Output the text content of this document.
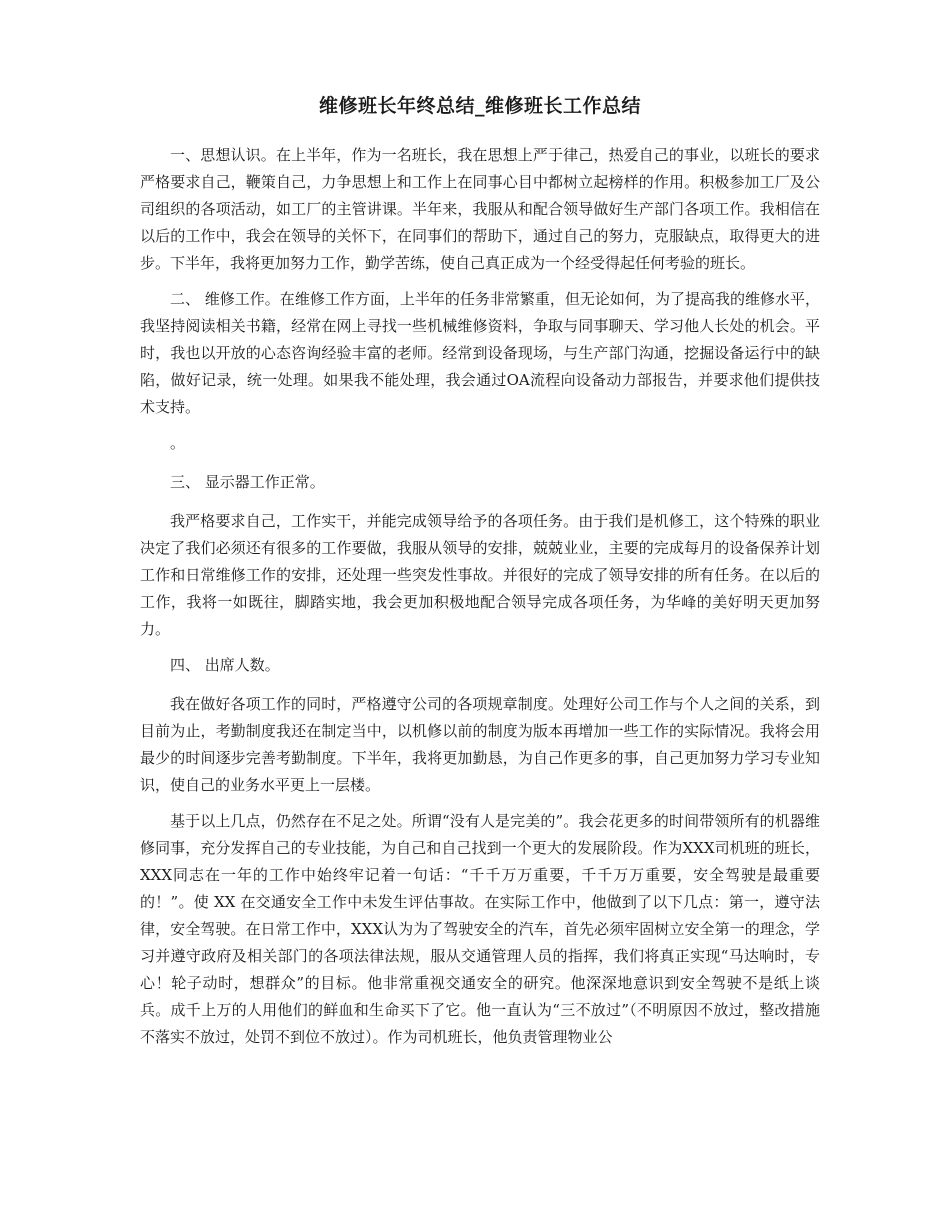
维修班长年终总结_维修班长工作总结

一、思想认识。在上半年，作为一名班长，我在思想上严于律己，热爱自己的事业，以班长的要求严格要求自己，鞭策自己，力争思想上和工作上在同事心目中都树立起榜样的作用。积极参加工厂及公司组织的各项活动，如工厂的主管讲课。半年来，我服从和配合领导做好生产部门各项工作。我相信在以后的工作中，我会在领导的关怀下，在同事们的帮助下，通过自己的努力，克服缺点，取得更大的进步。下半年，我将更加努力工作，勤学苦练，使自己真正成为一个经受得起任何考验的班长。

二、 维修工作。在维修工作方面，上半年的任务非常繁重，但无论如何，为了提高我的维修水平，我坚持阅读相关书籍，经常在网上寻找一些机械维修资料，争取与同事聊天、学习他人长处的机会。平时，我也以开放的心态咨询经验丰富的老师。经常到设备现场，与生产部门沟通，挖掘设备运行中的缺陷，做好记录，统一处理。如果我不能处理，我会通过OA流程向设备动力部报告，并要求他们提供技术支持。

。

三、 显示器工作正常。

我严格要求自己，工作实干，并能完成领导给予的各项任务。由于我们是机修工，这个特殊的职业决定了我们必须还有很多的工作要做，我服从领导的安排，兢兢业业，主要的完成每月的设备保养计划工作和日常维修工作的安排，还处理一些突发性事故。并很好的完成了领导安排的所有任务。在以后的工作，我将一如既往，脚踏实地，我会更加积极地配合领导完成各项任务，为华峰的美好明天更加努力。

四、 出席人数。

我在做好各项工作的同时，严格遵守公司的各项规章制度。处理好公司工作与个人之间的关系，到目前为止，考勤制度我还在制定当中，以机修以前的制度为版本再增加一些工作的实际情况。我将会用最少的时间逐步完善考勤制度。下半年，我将更加勤恳，为自己作更多的事，自己更加努力学习专业知识，使自己的业务水平更上一层楼。

基于以上几点，仍然存在不足之处。所谓“没有人是完美的”。我会花更多的时间带领所有的机器维修同事，充分发挥自己的专业技能，为自己和自己找到一个更大的发展阶段。作为XXX司机班的班长，XXX同志在一年的工作中始终牢记着一句话：“千千万万重要，千千万万重要，安全驾驶是最重要的！”。使 XX 在交通安全工作中未发生评估事故。在实际工作中，他做到了以下几点：第一，遵守法律，安全驾驶。在日常工作中，XXX认为为了驾驶安全的汽车，首先必须牢固树立安全第一的理念，学习并遵守政府及相关部门的各项法律法规，服从交通管理人员的指挥，我们将真正实现“马达响时，专心！轮子动时，想群众”的目标。他非常重视交通安全的研究。他深深地意识到安全驾驶不是纸上谈兵。成千上万的人用他们的鲜血和生命买下了它。他一直认为“三不放过”（不明原因不放过，整改措施不落实不放过，处罚不到位不放过）。作为司机班长，他负责管理物业公
